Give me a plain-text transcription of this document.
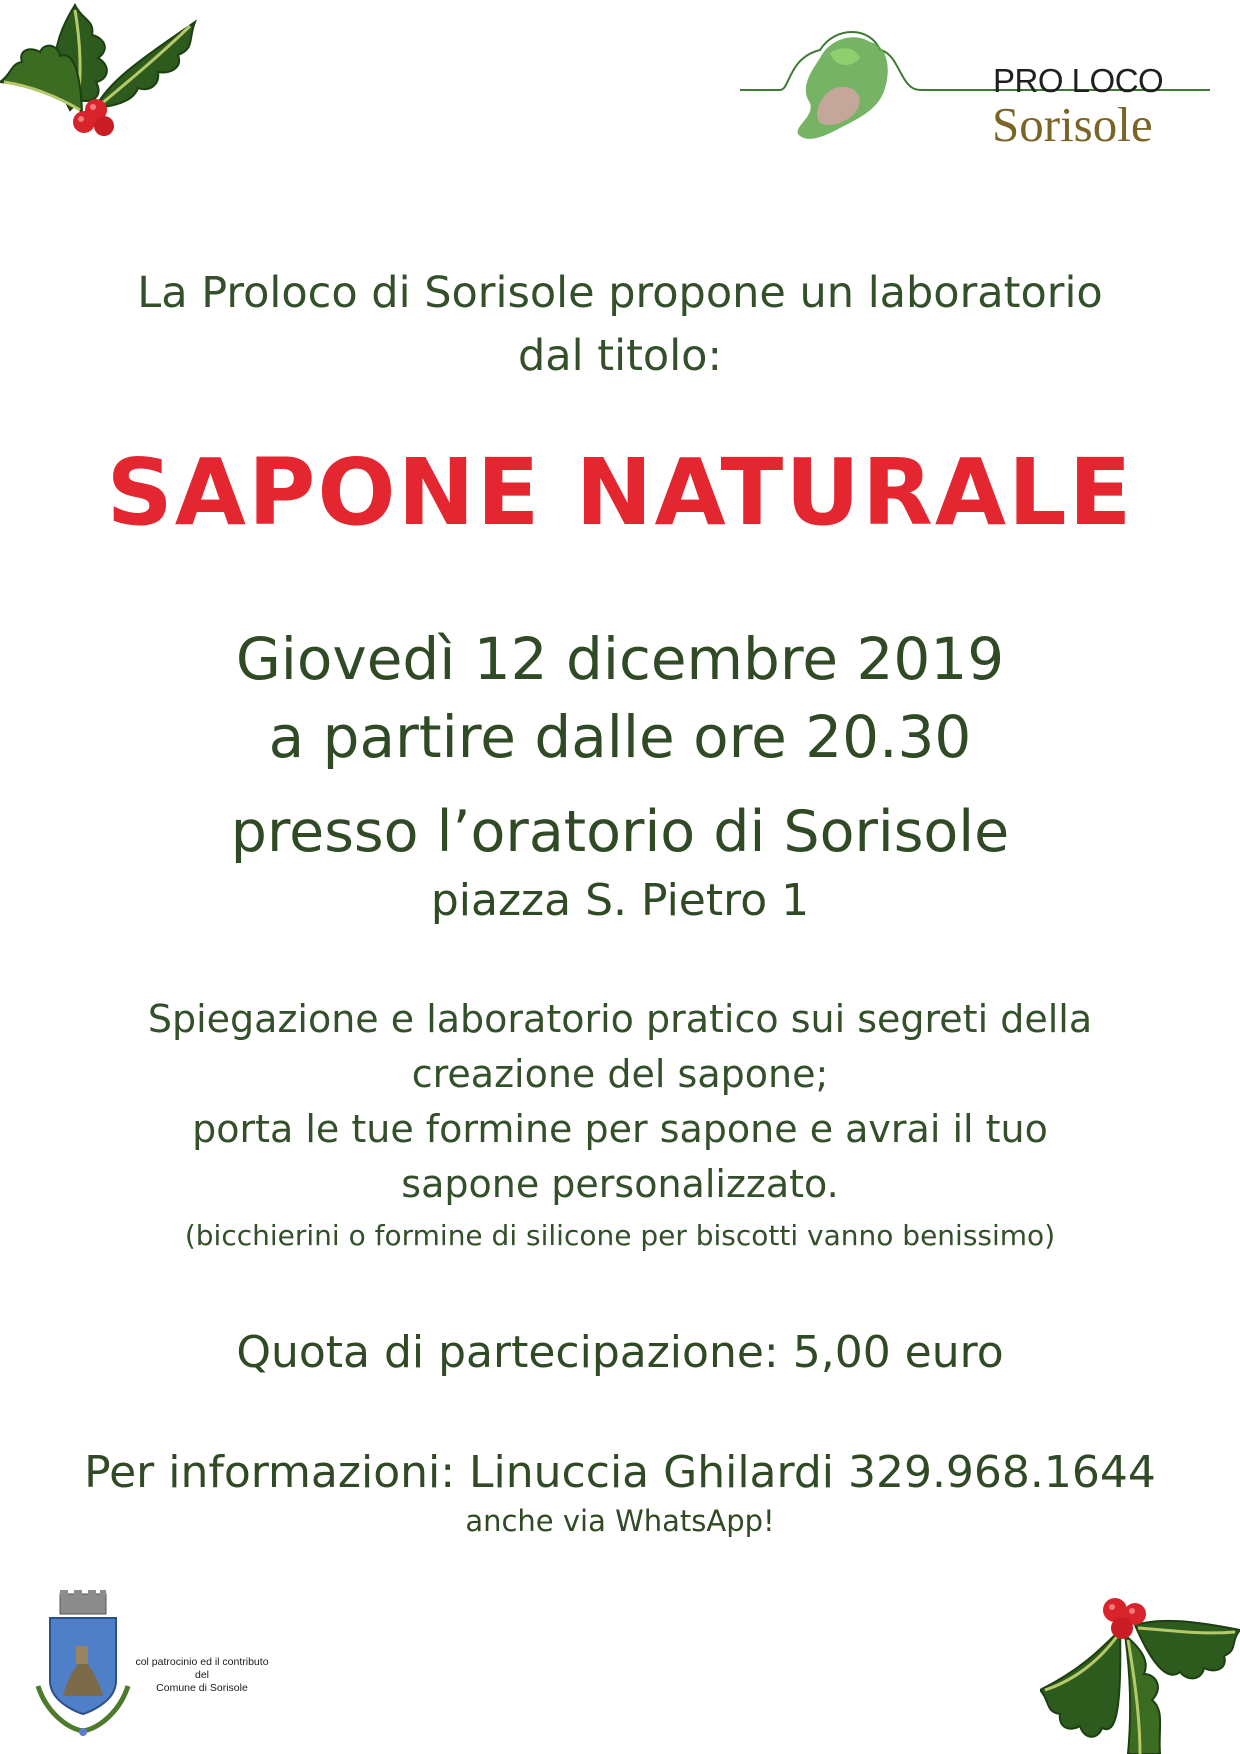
PRO LOCO
Sorisole
La Proloco di Sorisole propone un laboratorio
dal titolo:
SAPONE NATURALE
Giovedì 12 dicembre 2019
a partire dalle ore 20.30
presso l’oratorio di Sorisole
piazza S. Pietro 1
Spiegazione e laboratorio pratico sui segreti della
creazione del sapone;
porta le tue formine per sapone e avrai il tuo
sapone personalizzato.
(bicchierini o formine di silicone per biscotti vanno benissimo)
Quota di partecipazione: 5,00 euro
Per informazioni: Linuccia Ghilardi 329.968.1644
anche via WhatsApp!
col patrocinio ed il contributo
del
Comune di Sorisole
